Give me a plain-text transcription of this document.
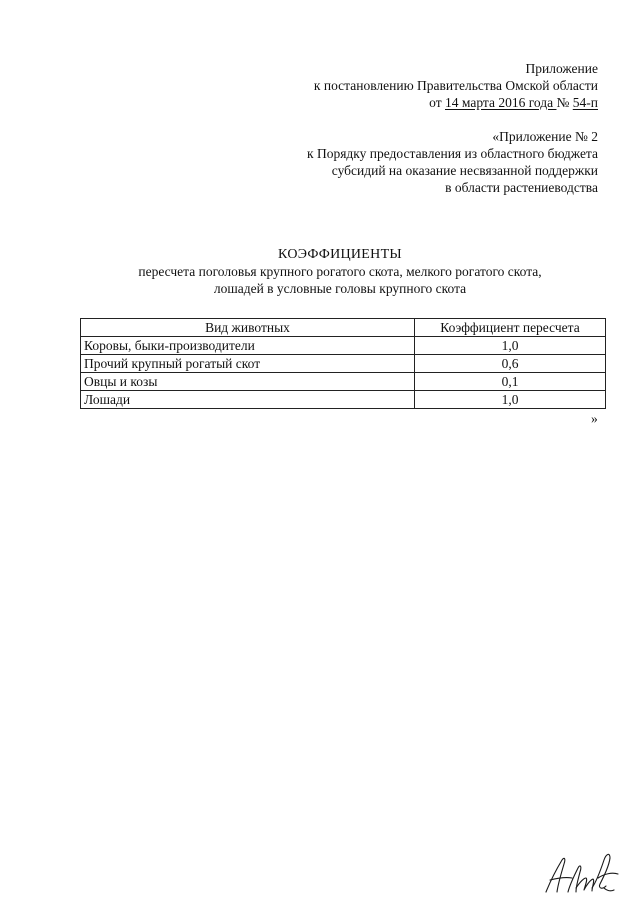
Приложение
к постановлению Правительства Омской области
от 14 марта 2016 года № 54-п
«Приложение № 2
к Порядку предоставления из областного бюджета
субсидий на оказание несвязанной поддержки
в области растениеводства
КОЭФФИЦИЕНТЫ
пересчета поголовья крупного рогатого скота, мелкого рогатого скота,
лошадей в условные головы крупного скота
Вид животных	Коэффициент пересчета
Коровы, быки-производители	1,0
Прочий крупный рогатый скот	0,6
Овцы и козы	0,1
Лошади	1,0
»
